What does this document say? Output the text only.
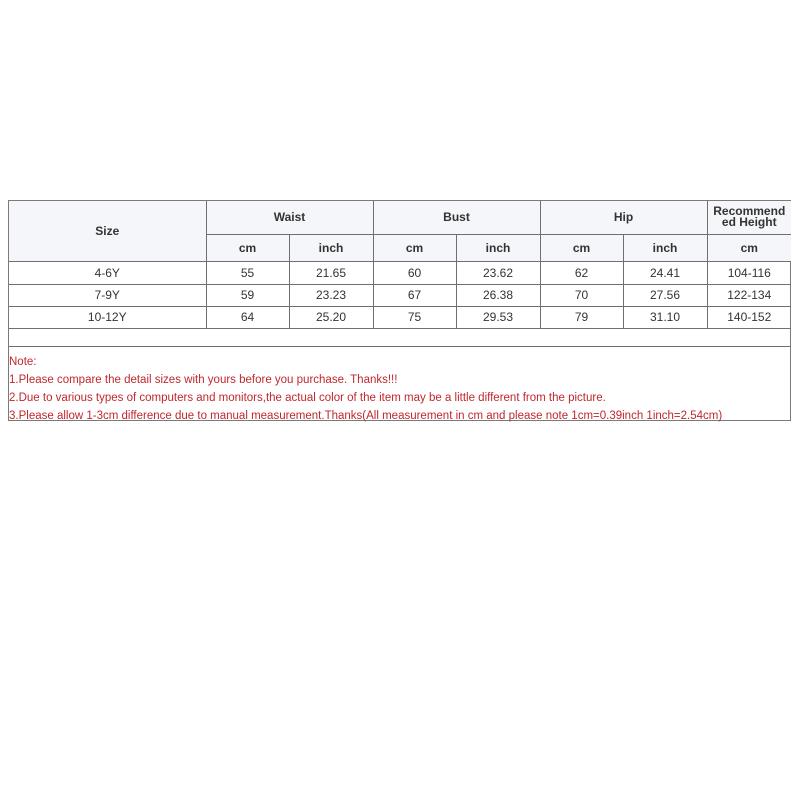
Size	Waist		Bust		Hip		Recommend ed Height
	cm	inch	cm	inch	cm	inch	cm
4-6Y	55	21.65	60	23.62	62	24.41	104-116
7-9Y	59	23.23	67	26.38	70	27.56	122-134
10-12Y	64	25.20	75	29.53	79	31.10	140-152
Note:
1.Please compare the detail sizes with yours before you purchase. Thanks!!!
2.Due to various types of computers and monitors,the actual color of the item may be a little different from the picture.
3.Please allow 1-3cm difference due to manual measurement.Thanks(All measurement in cm and please note 1cm=0.39inch 1inch=2.54cm)
